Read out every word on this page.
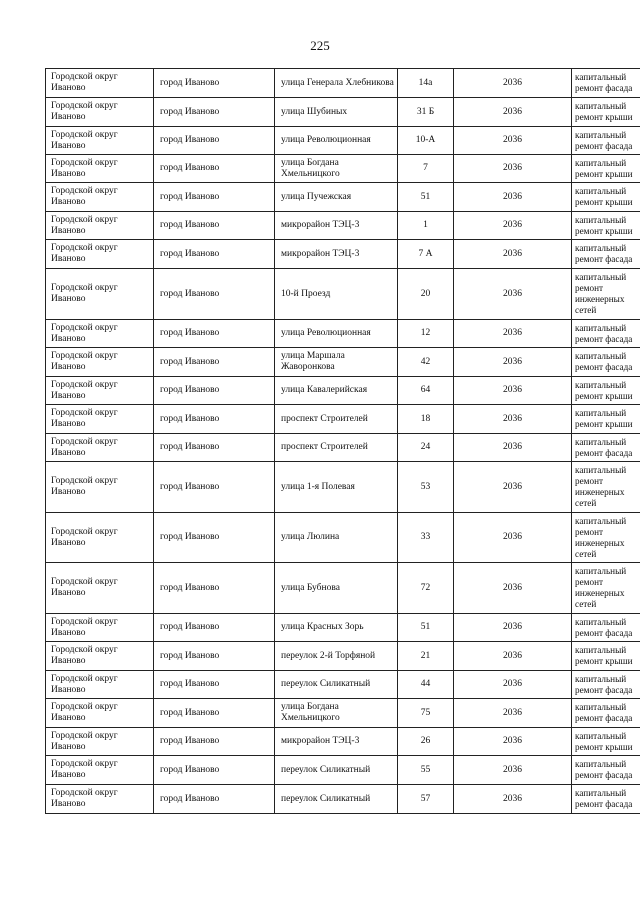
225
Городской округ Иваново	город Иваново	улица Генерала Хлебникова	14а	2036	капитальный ремонт фасада
Городской округ Иваново	город Иваново	улица Шубиных	31 Б	2036	капитальный ремонт крыши
Городской округ Иваново	город Иваново	улица Революционная	10-А	2036	капитальный ремонт фасада
Городской округ Иваново	город Иваново	улица Богдана Хмельницкого	7	2036	капитальный ремонт крыши
Городской округ Иваново	город Иваново	улица Пучежская	51	2036	капитальный ремонт крыши
Городской округ Иваново	город Иваново	микрорайон ТЭЦ-3	1	2036	капитальный ремонт крыши
Городской округ Иваново	город Иваново	микрорайон ТЭЦ-3	7 А	2036	капитальный ремонт фасада
Городской округ Иваново	город Иваново	10-й Проезд	20	2036	капитальный ремонт инженерных сетей
Городской округ Иваново	город Иваново	улица Революционная	12	2036	капитальный ремонт фасада
Городской округ Иваново	город Иваново	улица Маршала Жаворонкова	42	2036	капитальный ремонт фасада
Городской округ Иваново	город Иваново	улица Кавалерийская	64	2036	капитальный ремонт крыши
Городской округ Иваново	город Иваново	проспект Строителей	18	2036	капитальный ремонт крыши
Городской округ Иваново	город Иваново	проспект Строителей	24	2036	капитальный ремонт фасада
Городской округ Иваново	город Иваново	улица 1-я Полевая	53	2036	капитальный ремонт инженерных сетей
Городской округ Иваново	город Иваново	улица Люлина	33	2036	капитальный ремонт инженерных сетей
Городской округ Иваново	город Иваново	улица Бубнова	72	2036	капитальный ремонт инженерных сетей
Городской округ Иваново	город Иваново	улица Красных Зорь	51	2036	капитальный ремонт фасада
Городской округ Иваново	город Иваново	переулок 2-й Торфяной	21	2036	капитальный ремонт крыши
Городской округ Иваново	город Иваново	переулок Силикатный	44	2036	капитальный ремонт фасада
Городской округ Иваново	город Иваново	улица Богдана Хмельницкого	75	2036	капитальный ремонт фасада
Городской округ Иваново	город Иваново	микрорайон ТЭЦ-3	26	2036	капитальный ремонт крыши
Городской округ Иваново	город Иваново	переулок Силикатный	55	2036	капитальный ремонт фасада
Городской округ Иваново	город Иваново	переулок Силикатный	57	2036	капитальный ремонт фасада
